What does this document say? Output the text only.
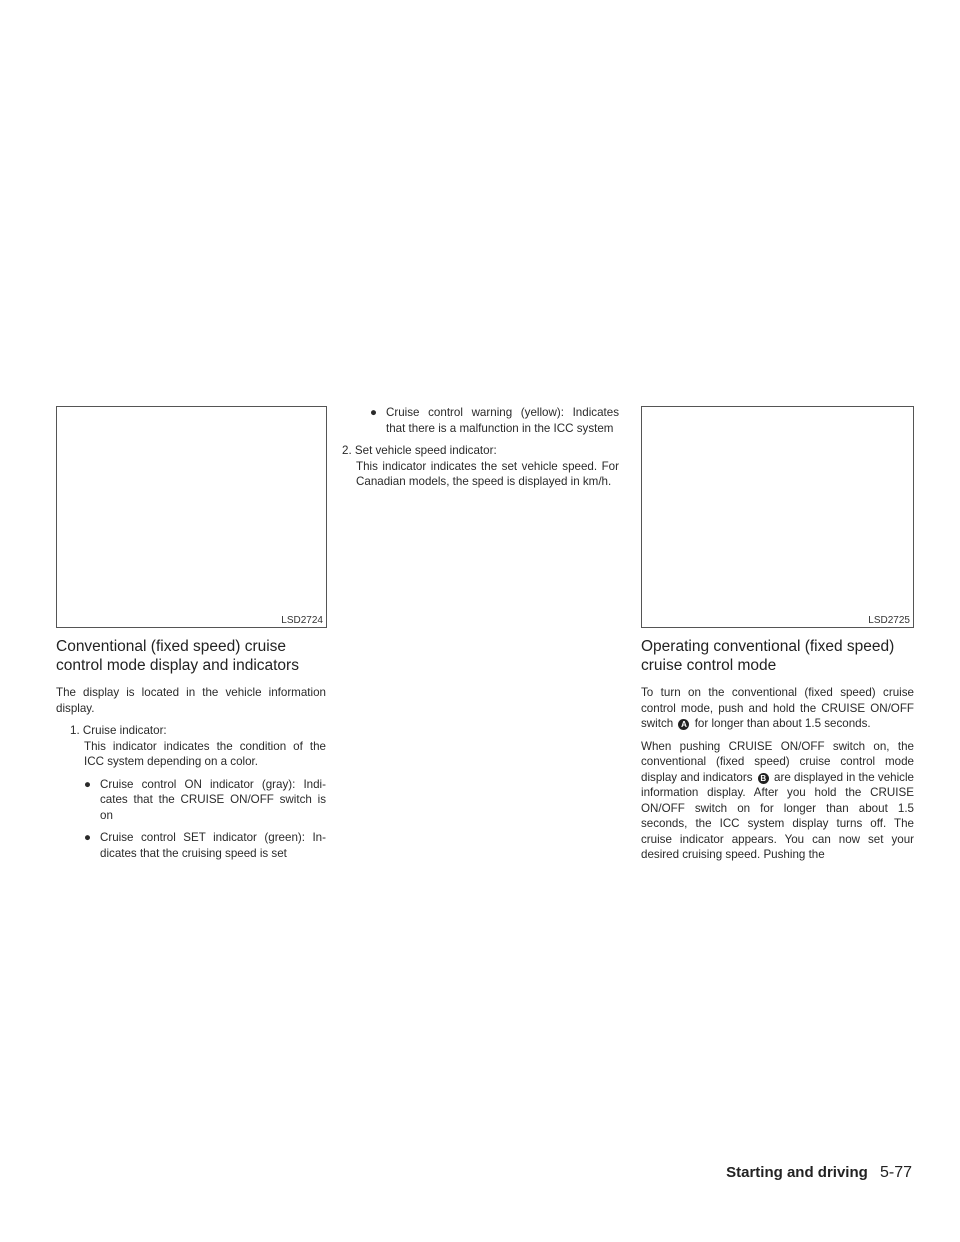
LSD2724	LSD2725
Conventional (fixed speed) cruise control mode display and indicators

The display is located in the vehicle information display.

1. Cruise indicator:
This indicator indicates the condition of the ICC system depending on a color.
● Cruise control ON indicator (gray): Indi- cates that the CRUISE ON/OFF switch is on
● Cruise control SET indicator (green): In- dicates that the cruising speed is set
● Cruise control warning (yellow): Indicates that there is a malfunction in the ICC system
2. Set vehicle speed indicator:
This indicator indicates the set vehicle speed. For Canadian models, the speed is displayed in km/h.
Operating conventional (fixed speed) cruise control mode

To turn on the conventional (fixed speed) cruise control mode, push and hold the CRUISE ON/OFF switch A for longer than about 1.5 seconds.

When pushing CRUISE ON/OFF switch on, the conventional (fixed speed) cruise control mode display and indicators B are displayed in the vehicle information display. After you hold the CRUISE ON/OFF switch on for longer than about 1.5 seconds, the ICC system display turns off. The cruise indicator appears. You can now set your desired cruising speed. Pushing the

Starting and driving 5-77
